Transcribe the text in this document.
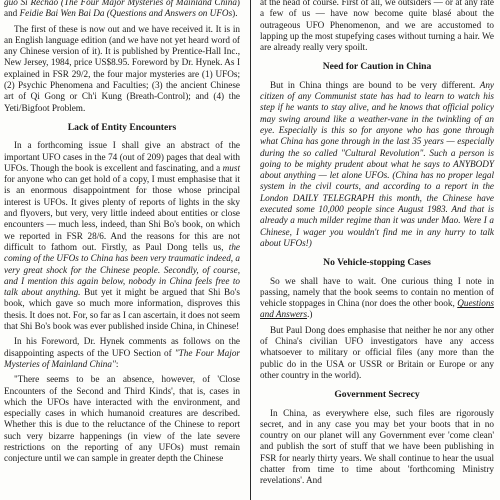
guo Si Rechao (The Four Major Mysteries of Mainland China) and Feidie Bai Wen Bai Da (Questions and Answers on UFOs).

The first of these is now out and we have received it. It is in an English language edition (and we have not yet heard word of any Chinese version of it). It is published by Prentice-Hall Inc., New Jersey, 1984, price US$8.95. Foreword by Dr. Hynek. As I explained in FSR 29/2, the four major mysteries are (1) UFOs; (2) Psychic Phenomena and Faculties; (3) the ancient Chinese art of Qi Gong or Ch'i Kung (Breath-Control); and (4) the Yeti/Bigfoot Problem.

Lack of Entity Encounters

In a forthcoming issue I shall give an abstract of the important UFO cases in the 74 (out of 209) pages that deal with UFOs. Though the book is excellent and fascinating, and a must for anyone who can get hold of a copy, I must emphasise that it is an enormous disappointment for those whose principal interest is UFOs. It gives plenty of reports of lights in the sky and flyovers, but very, very little indeed about entities or close encounters — much less, indeed, than Shi Bo's book, on which we reported in FSR 28/6. And the reasons for this are not difficult to fathom out. Firstly, as Paul Dong tells us, the coming of the UFOs to China has been very traumatic indeed, a very great shock for the Chinese people. Secondly, of course, and I mention this again below, nobody in China feels free to talk about anything. But yet it might be argued that Shi Bo's book, which gave so much more information, disproves this thesis. It does not. For, so far as I can ascertain, it does not seem that Shi Bo's book was ever published inside China, in Chinese!

In his Foreword, Dr. Hynek comments as follows on the disappointing aspects of the UFO Section of "The Four Major Mysteries of Mainland China":

"There seems to be an absence, however, of 'Close Encounters of the Second and Third Kinds', that is, cases in which the UFOs have interacted with the environment, and especially cases in which humanoid creatures are described. Whether this is due to the reluctance of the Chinese to report such very bizarre happenings (in view of the late severe restrictions on the reporting of any UFOs) must remain conjecture until we can sample in greater depth the Chinese

at the head of course. First of all, we outsiders — or at any rate a few of us — have now become quite blasé about the outrageous UFO Phenomenon, and we are accustomed to lapping up the most stupefying cases without turning a hair. We are already really very spoilt.

Need for Caution in China

But in China things are bound to be very different. Any citizen of any Communist state has had to learn to watch his step if he wants to stay alive, and he knows that official policy may swing around like a weather-vane in the twinkling of an eye. Especially is this so for anyone who has gone through what China has gone through in the last 35 years — especially during the so called "Cultural Revolution". Such a person is going to be mighty prudent about what he says to ANYBODY about anything — let alone UFOs. (China has no proper legal system in the civil courts, and according to a report in the London DAILY TELEGRAPH this month, the Chinese have executed some 10,000 people since August 1983. And that is already a much milder regime than it was under Mao. Were I a Chinese, I wager you wouldn't find me in any hurry to talk about UFOs!)

No Vehicle-stopping Cases

So we shall have to wait. One curious thing I note in passing, namely that the book seems to contain no mention of vehicle stoppages in China (nor does the other book, Questions and Answers.)

But Paul Dong does emphasise that neither he nor any other of China's civilian UFO investigators have any access whatsoever to military or official files (any more than the public do in the USA or USSR or Britain or Europe or any other country in the world).

Government Secrecy

In China, as everywhere else, such files are rigorously secret, and in any case you may bet your boots that in no country on our planet will any Government ever 'come clean' and publish the sort of stuff that we have been publishing in FSR for nearly thirty years. We shall continue to hear the usual chatter from time to time about 'forthcoming Ministry revelations'. And
